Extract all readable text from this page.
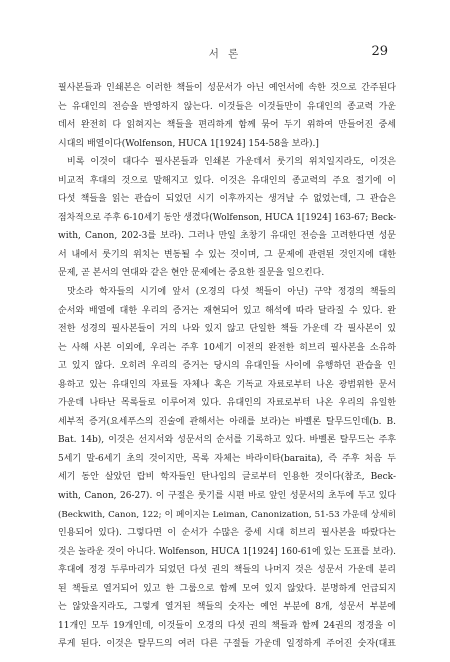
서 론	29
필사본들과 인쇄본은 이러한 책들이 성문서가 아닌 예언서에 속한 것으로 간주된다
는 유대인의 전승을 반영하지 않는다. 이것들은 이것들만이 유대인의 종교력 가운
데서 완전히 다 읽혀지는 책들을 편리하게 함께 묶어 두기 위하여 만들어진 중세
시대의 배열이다(Wolfenson, HUCA 1[1924] 154-58을 보라).]
비록 이것이 대다수 필사본들과 인쇄본 가운데서 룻기의 위치일지라도, 이것은
비교적 후대의 것으로 말해지고 있다. 이것은 유대인의 종교력의 주요 절기에 이
다섯 책들을 읽는 관습이 되었던 시기 이후까지는 생겨날 수 없었는데, 그 관습은
점차적으로 주후 6-10세기 동안 생겼다(Wolfenson, HUCA 1[1924] 163-67; Beck-
with, Canon, 202-3를 보라). 그러나 만일 초창기 유대인 전승을 고려한다면 성문
서 내에서 룻기의 위치는 변동될 수 있는 것이며, 그 문제에 관련된 것인지에 대한
문제, 곧 본서의 연대와 같은 현안 문제에는 중요한 질문을 일으킨다.
맛소라 학자들의 시기에 앞서 (오경의 다섯 책들이 아닌) 구약 정경의 책들의
순서와 배열에 대한 우리의 증거는 재현되어 있고 해석에 따라 달라질 수 있다. 완
전한 성경의 필사본들이 거의 나와 있지 않고 단일한 책들 가운데 각 필사본이 있
는 사해 사본 이외에, 우리는 주후 10세기 이전의 완전한 히브리 필사본을 소유하
고 있지 않다. 오히려 우리의 증거는 당시의 유대인들 사이에 유행하던 관습을 인
용하고 있는 유대인의 자료들 자체나 혹은 기독교 자료로부터 나온 광범위한 문서
가운데 나타난 목록들로 이루어져 있다. 유대인의 자료로부터 나온 우리의 유일한
세부적 증거(요세푸스의 진술에 관해서는 아래를 보라)는 바벨론 탈무드인데(b. B.
Bat. 14b), 이것은 선지서와 성문서의 순서를 기록하고 있다. 바벨론 탈무드는 주후
5세기 말-6세기 초의 것이지만, 목록 자체는 바라이타(baraita), 즉 주후 처음 두
세기 동안 살았던 랍비 학자들인 탄나임의 글로부터 인용한 것이다(참조, Beck-
with, Canon, 26-27). 이 구절은 룻기를 시편 바로 앞인 성문서의 초두에 두고 있다
(Beckwith, Canon, 122; 이 페이지는 Leiman, Canonization, 51-53 가운데 상세히
인용되어 있다). 그렇다면 이 순서가 수많은 중세 시대 히브리 필사본을 따랐다는
것은 놀라운 것이 아니다. Wolfenson, HUCA 1[1924] 160-61에 있는 도표를 보라).
후대에 정경 두루마리가 되었던 다섯 권의 책들의 나머지 것은 성문서 가운데 분리
된 책들로 열거되어 있고 한 그룹으로 함께 모여 있지 않았다. 분명하게 언급되지
는 않았을지라도, 그렇게 열거된 책들의 숫자는 예언 부분에 8개, 성문서 부분에
11개인 모두 19개인데, 이것들이 오경의 다섯 권의 책들과 함께 24권의 정경을 이
루게 된다. 이것은 탈무드의 여러 다른 구절들 가운데 일정하게 주어진 숫자(대표
